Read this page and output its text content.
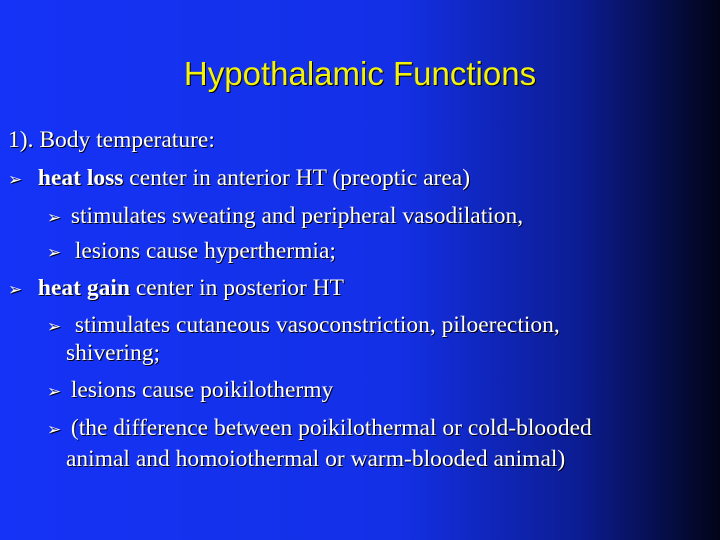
Hypothalamic Functions
1). Body temperature:
➢ heat loss center in anterior HT (preoptic area)
➢ stimulates sweating and peripheral vasodilation,
➢ lesions cause hyperthermia;
➢ heat gain center in posterior HT
➢ stimulates cutaneous vasoconstriction, piloerection,
shivering;
➢ lesions cause poikilothermy
➢ (the difference between poikilothermal or cold-blooded
animal and homoiothermal or warm-blooded animal)
